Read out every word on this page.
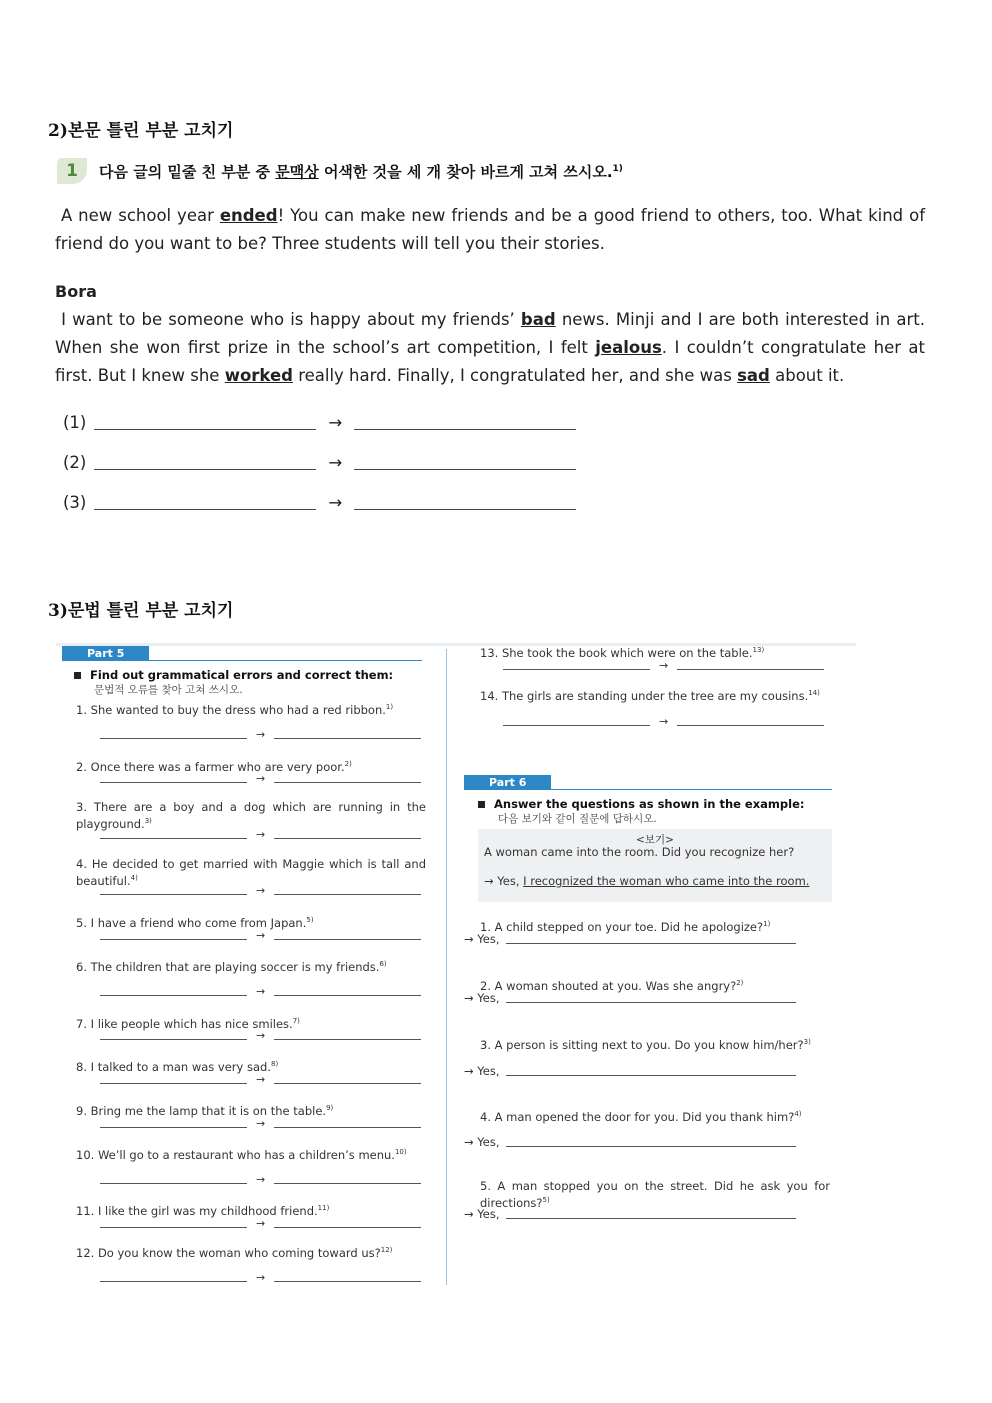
2)본문 틀린 부분 고치기
1	다음 글의 밑줄 친 부분 중 문맥상 어색한 것을 세 개 찾아 바르게 고쳐 쓰시오.$^{1)}$
A new school year ended! You can make new friends and be a good friend to others, too. What kind of friend do you want to be? Three students will tell you their stories.
Bora
I want to be someone who is happy about my friends’ bad news. Minji and I are both interested in art. When she won first prize in the school’s art competition, I felt jealous. I couldn’t congratulate her at first. But I knew she worked really hard. Finally, I congratulated her, and she was sad about it.
(1)	→
(2)	→
(3)	→
3)문법 틀린 부분 고치기
Part 5
Find out grammatical errors and correct them:
문법적 오류를 찾아 고쳐 쓰시오.
1. She wanted to buy the dress who had a red ribbon.$^{1)}$
→
2. Once there was a farmer who are very poor.$^{2)}$
→
3. There are a boy and a dog which are running in the playground.$^{3)}$
→
4. He decided to get married with Maggie which is tall and beautiful.$^{4)}$
→
5. I have a friend who come from Japan.$^{5)}$
→
6. The children that are playing soccer is my friends.$^{6)}$
→
7. I like people which has nice smiles.$^{7)}$
→
8. I talked to a man was very sad.$^{8)}$
→
9. Bring me the lamp that it is on the table.$^{9)}$
→
10. We’ll go to a restaurant who has a children’s menu.$^{10)}$
→
11. I like the girl was my childhood friend.$^{11)}$
→
12. Do you know the woman who coming toward us?$^{12)}$
→
13. She took the book which were on the table.$^{13)}$
→
14. The girls are standing under the tree are my cousins.$^{14)}$
→
Part 6
Answer the questions as shown in the example:
다음 보기와 같이 질문에 답하시오.
<보기>
A woman came into the room. Did you recognize her?
→ Yes, I recognized the woman who came into the room.
1. A child stepped on your toe. Did he apologize?$^{1)}$
→ Yes,
2. A woman shouted at you. Was she angry?$^{2)}$
→ Yes,
3. A person is sitting next to you. Do you know him/her?$^{3)}$
→ Yes,
4. A man opened the door for you. Did you thank him?$^{4)}$
→ Yes,
5. A man stopped you on the street. Did he ask you for directions?$^{5)}$
→ Yes,
